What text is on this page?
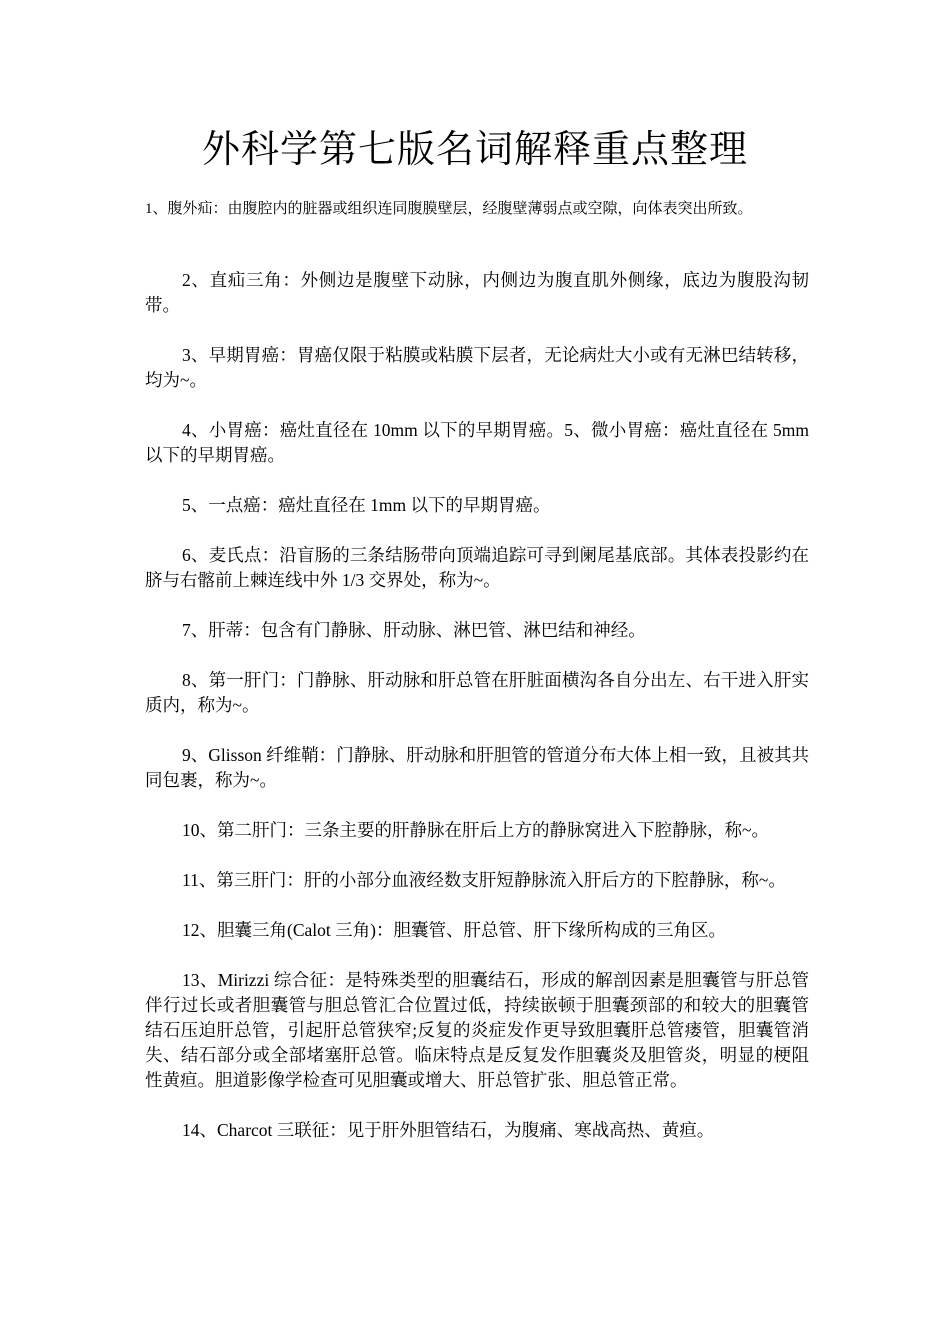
外科学第七版名词解释重点整理

1、腹外疝：由腹腔内的脏器或组织连同腹膜壁层，经腹壁薄弱点或空隙，向体表突出所致。

2、直疝三角：外侧边是腹壁下动脉，内侧边为腹直肌外侧缘，底边为腹股沟韧带。

3、早期胃癌：胃癌仅限于粘膜或粘膜下层者，无论病灶大小或有无淋巴结转移，均为~。

4、小胃癌：癌灶直径在 10mm 以下的早期胃癌。5、微小胃癌：癌灶直径在 5mm 以下的早期胃癌。

5、一点癌：癌灶直径在 1mm 以下的早期胃癌。

6、麦氏点：沿盲肠的三条结肠带向顶端追踪可寻到阑尾基底部。其体表投影约在脐与右髂前上棘连线中外 1/3 交界处，称为~。

7、肝蒂：包含有门静脉、肝动脉、淋巴管、淋巴结和神经。

8、第一肝门：门静脉、肝动脉和肝总管在肝脏面横沟各自分出左、右干进入肝实质内，称为~。

9、Glisson 纤维鞘：门静脉、肝动脉和肝胆管的管道分布大体上相一致，且被其共同包裹，称为~。

10、第二肝门：三条主要的肝静脉在肝后上方的静脉窝进入下腔静脉，称~。

11、第三肝门：肝的小部分血液经数支肝短静脉流入肝后方的下腔静脉，称~。

12、胆囊三角(Calot 三角)：胆囊管、肝总管、肝下缘所构成的三角区。

13、Mirizzi 综合征：是特殊类型的胆囊结石，形成的解剖因素是胆囊管与肝总管伴行过长或者胆囊管与胆总管汇合位置过低，持续嵌顿于胆囊颈部的和较大的胆囊管结石压迫肝总管，引起肝总管狭窄;反复的炎症发作更导致胆囊肝总管瘘管，胆囊管消失、结石部分或全部堵塞肝总管。临床特点是反复发作胆囊炎及胆管炎，明显的梗阻性黄疸。胆道影像学检查可见胆囊或增大、肝总管扩张、胆总管正常。

14、Charcot 三联征：见于肝外胆管结石，为腹痛、寒战高热、黄疸。
